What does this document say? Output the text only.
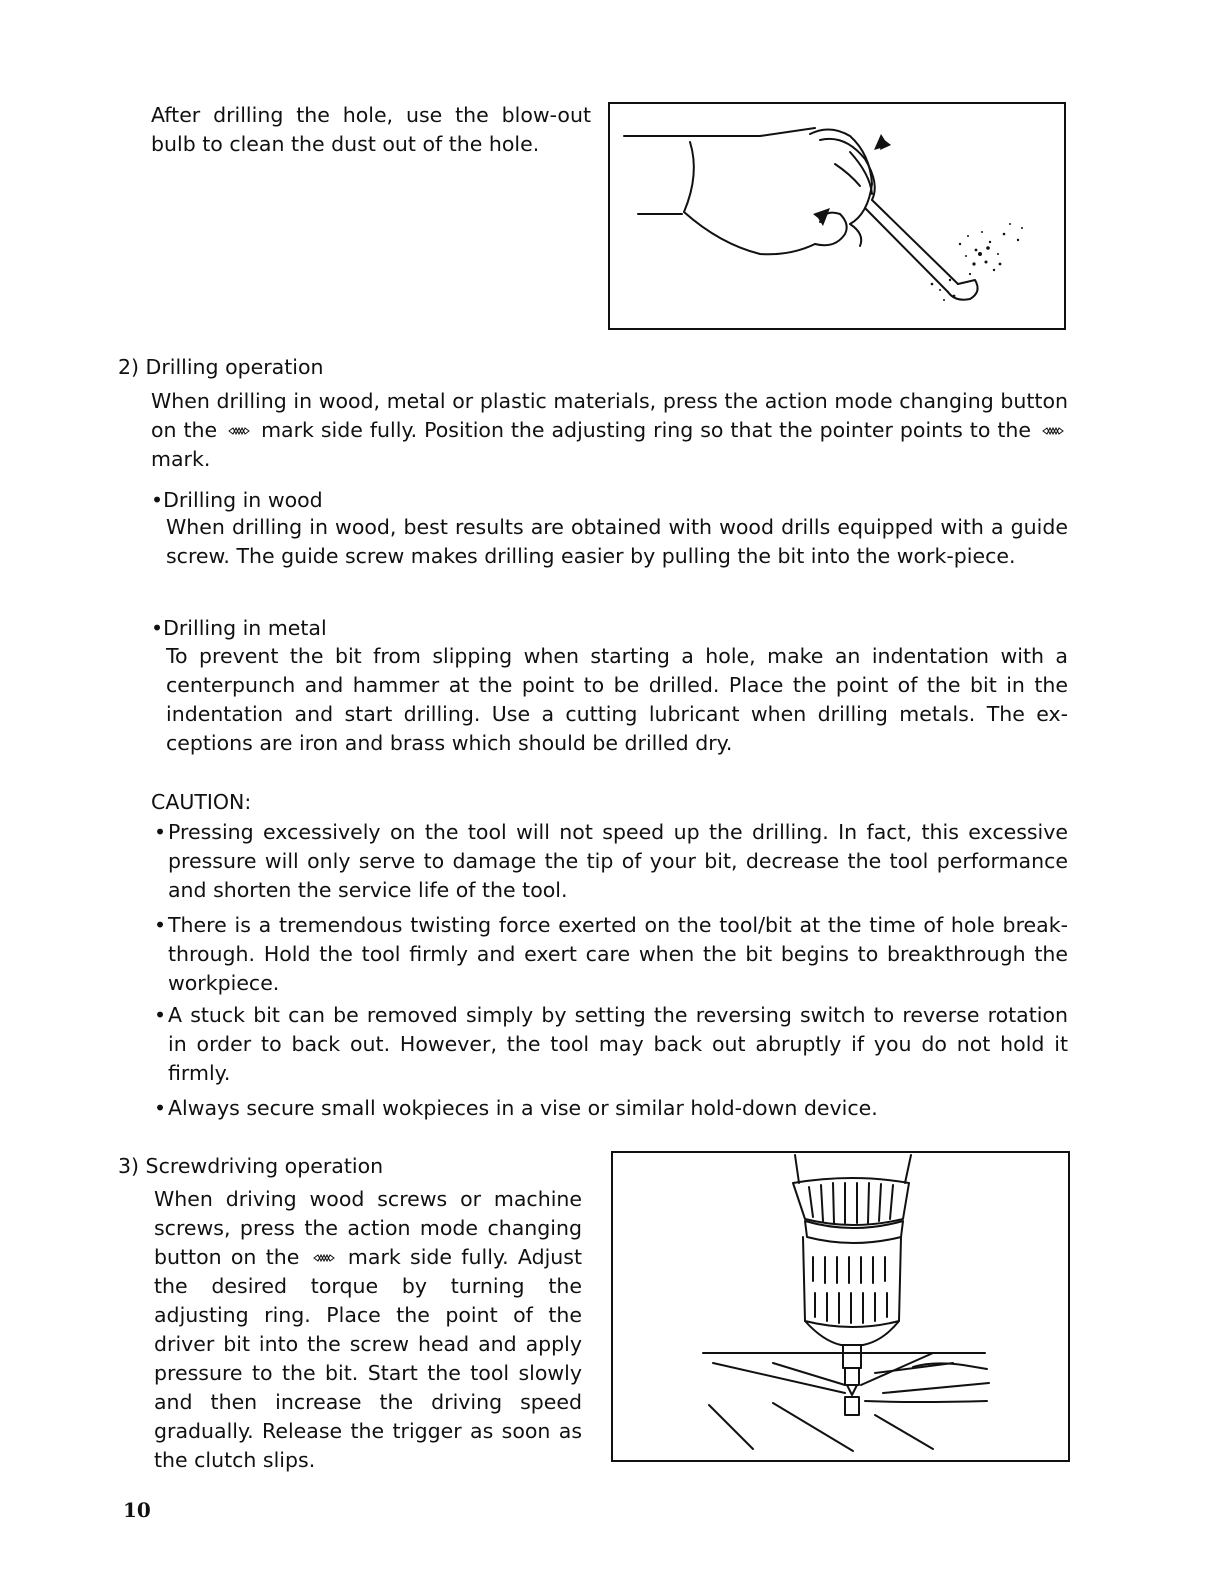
After drilling the hole, use the blow-out bulb to clean the dust out of the hole.
2) Drilling operation
When drilling in wood, metal or plastic materials, press the action mode changing button on the mark side fully. Position the adjusting ring so that the pointer points to the  mark.
•Drilling in wood
When drilling in wood, best results are obtained with wood drills equipped with a guide screw. The guide screw makes drilling easier by pulling the bit into the work-piece.
•Drilling in metal
To prevent the bit from slipping when starting a hole, make an indentation with a centerpunch and hammer at the point to be drilled. Place the point of the bit in the indentation and start drilling. Use a cutting lubricant when drilling metals. The ex-ceptions are iron and brass which should be drilled dry.
CAUTION:
• Pressing excessively on the tool will not speed up the drilling. In fact, this excessive pressure will only serve to damage the tip of your bit, decrease the tool performance and shorten the service life of the tool.
• There is a tremendous twisting force exerted on the tool/bit at the time of hole break-through. Hold the tool firmly and exert care when the bit begins to breakthrough the workpiece.
• A stuck bit can be removed simply by setting the reversing switch to reverse rotation in order to back out. However, the tool may back out abruptly if you do not hold it firmly.
• Always secure small wokpieces in a vise or similar hold-down device.
3) Screwdriving operation
When driving wood screws or machine screws, press the action mode changing button on the mark side fully. Adjust the desired torque by turning the adjusting ring. Place the point of the driver bit into the screw head and apply pressure to the bit. Start the tool slowly and then increase the driving speed gradually. Release the trigger as soon as the clutch slips.
10
